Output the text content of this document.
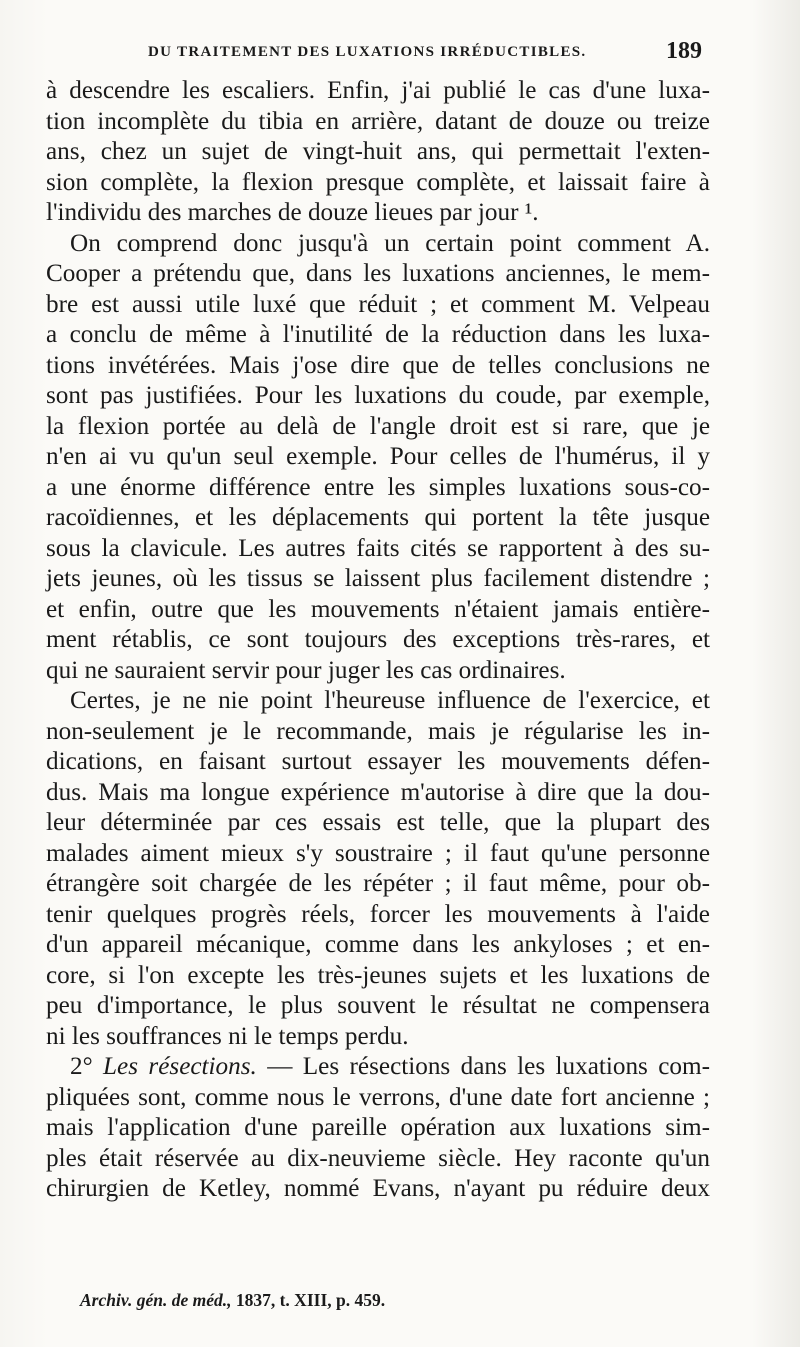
DU TRAITEMENT DES LUXATIONS IRRÉDUCTIBLES.	189
à descendre les escaliers. Enfin, j'ai publié le cas d'une luxa-
tion incomplète du tibia en arrière, datant de douze ou treize
ans, chez un sujet de vingt-huit ans, qui permettait l'exten-
sion complète, la flexion presque complète, et laissait faire à
l'individu des marches de douze lieues par jour ¹.
On comprend donc jusqu'à un certain point comment A.
Cooper a prétendu que, dans les luxations anciennes, le mem-
bre est aussi utile luxé que réduit ; et comment M. Velpeau
a conclu de même à l'inutilité de la réduction dans les luxa-
tions invétérées. Mais j'ose dire que de telles conclusions ne
sont pas justifiées. Pour les luxations du coude, par exemple,
la flexion portée au delà de l'angle droit est si rare, que je
n'en ai vu qu'un seul exemple. Pour celles de l'humérus, il y
a une énorme différence entre les simples luxations sous-co-
racoïdiennes, et les déplacements qui portent la tête jusque
sous la clavicule. Les autres faits cités se rapportent à des su-
jets jeunes, où les tissus se laissent plus facilement distendre ;
et enfin, outre que les mouvements n'étaient jamais entière-
ment rétablis, ce sont toujours des exceptions très-rares, et
qui ne sauraient servir pour juger les cas ordinaires.
Certes, je ne nie point l'heureuse influence de l'exercice, et
non-seulement je le recommande, mais je régularise les in-
dications, en faisant surtout essayer les mouvements défen-
dus. Mais ma longue expérience m'autorise à dire que la dou-
leur déterminée par ces essais est telle, que la plupart des
malades aiment mieux s'y soustraire ; il faut qu'une personne
étrangère soit chargée de les répéter ; il faut même, pour ob-
tenir quelques progrès réels, forcer les mouvements à l'aide
d'un appareil mécanique, comme dans les ankyloses ; et en-
core, si l'on excepte les très-jeunes sujets et les luxations de
peu d'importance, le plus souvent le résultat ne compensera
ni les souffrances ni le temps perdu.
2° Les résections. — Les résections dans les luxations com-
pliquées sont, comme nous le verrons, d'une date fort ancienne ;
mais l'application d'une pareille opération aux luxations sim-
ples était réservée au dix-neuvieme siècle. Hey raconte qu'un
chirurgien de Ketley, nommé Evans, n'ayant pu réduire deux
Archiv. gén. de méd., 1837, t. XIII, p. 459.
